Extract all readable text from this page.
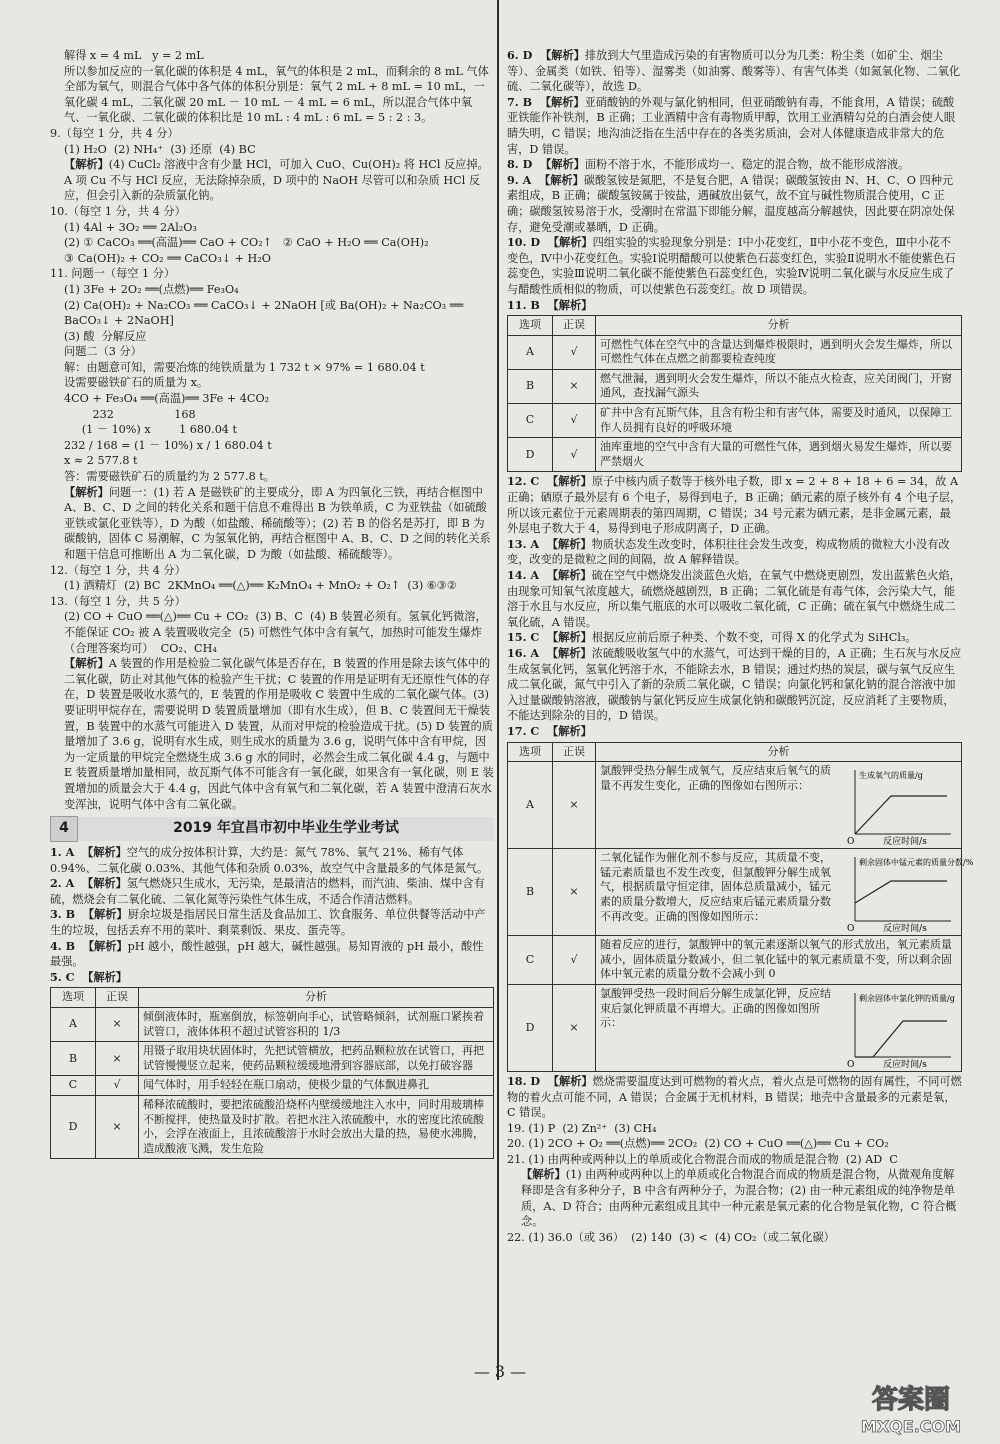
解得 x = 4 mL   y = 2 mL

所以参加反应的一氧化碳的体积是 4 mL，氧气的体积是 2 mL，而剩余的 8 mL 气体全部为氧气，则混合气体中各气体的体积分别是：氧气 2 mL + 8 mL = 10 mL，一氧化碳 4 mL，二氧化碳 20 mL － 10 mL － 4 mL = 6 mL，所以混合气体中氧气、一氧化碳、二氧化碳的体积比是 10 mL : 4 mL : 6 mL = 5 : 2 : 3。

9.（每空 1 分，共 4 分）

(1) H₂O  (2) NH₄⁺  (3) 还原  (4) BC

【解析】(4) CuCl₂ 溶液中含有少量 HCl，可加入 CuO、Cu(OH)₂ 将 HCl 反应掉。A 项 Cu 不与 HCl 反应，无法除掉杂质，D 项中的 NaOH 尽管可以和杂质 HCl 反应，但会引入新的杂质氯化钠。

10.（每空 1 分，共 4 分）

(1) 4Al + 3O₂ ══ 2Al₂O₃

(2) ① CaCO₃ ══(高温)══ CaO + CO₂↑   ② CaO + H₂O ══ Ca(OH)₂

③ Ca(OH)₂ + CO₂ ══ CaCO₃↓ + H₂O

11. 问题一（每空 1 分）

(1) 3Fe + 2O₂ ══(点燃)══ Fe₃O₄

(2) Ca(OH)₂ + Na₂CO₃ ══ CaCO₃↓ + 2NaOH [或 Ba(OH)₂ + Na₂CO₃ ══ BaCO₃↓ + 2NaOH]

(3) 酸  分解反应

问题二（3 分）

解：由题意可知，需要冶炼的纯铁质量为 1 732 t × 97% = 1 680.04 t

设需要磁铁矿石的质量为 x。

4CO + Fe₃O₄ ══(高温)══ 3Fe + 4CO₂

232                 168

(1 － 10%) x        1 680.04 t

232 / 168 = (1 － 10%) x / 1 680.04 t

x ≈ 2 577.8 t

答：需要磁铁矿石的质量约为 2 577.8 t。

【解析】问题一：(1) 若 A 是磁铁矿的主要成分，即 A 为四氧化三铁，再结合框图中 A、B、C、D 之间的转化关系和题干信息不难得出 B 为铁单质，C 为亚铁盐（如硫酸亚铁或氯化亚铁等），D 为酸（如盐酸、稀硫酸等）；(2) 若 B 的俗名是苏打，即 B 为碳酸钠，固体 C 易潮解，C 为氢氧化钠，再结合框图中 A、B、C、D 之间的转化关系和题干信息可推断出 A 为二氧化碳，D 为酸（如盐酸、稀硫酸等）。

12.（每空 1 分，共 4 分）

(1) 酒精灯  (2) BC  2KMnO₄ ══(△)══ K₂MnO₄ + MnO₂ + O₂↑  (3) ⑥③②

13.（每空 1 分，共 5 分）

(2) CO + CuO ══(△)══ Cu + CO₂  (3) B、C  (4) B 装置必须有。氢氧化钙微溶，不能保证 CO₂ 被 A 装置吸收完全  (5) 可燃性气体中含有氧气，加热时可能发生爆炸（合理答案均可）  CO₂、CH₄

【解析】A 装置的作用是检验二氧化碳气体是否存在，B 装置的作用是除去该气体中的二氧化碳，防止对其他气体的检验产生干扰；C 装置的作用是证明有无还原性气体的存在，D 装置是吸收水蒸气的，E 装置的作用是吸收 C 装置中生成的二氧化碳气体。(3) 要证明甲烷存在，需要说明 D 装置质量增加（即有水生成），但 B、C 装置间无干燥装置，B 装置中的水蒸气可能进入 D 装置，从而对甲烷的检验造成干扰。(5) D 装置的质量增加了 3.6 g，说明有水生成，则生成水的质量为 3.6 g，说明气体中含有甲烷，因为一定质量的甲烷完全燃烧生成 3.6 g 水的同时，必然会生成二氧化碳 4.4 g，与题中 E 装置质量增加量相同，故瓦斯气体不可能含有一氧化碳，如果含有一氧化碳，则 E 装置增加的质量会大于 4.4 g，因此气体中含有氧气和二氧化碳，若 A 装置中澄清石灰水变浑浊，说明气体中含有二氧化碳。

4	2019 年宜昌市初中毕业生学业考试

1. A  【解析】空气的成分按体积计算，大约是：氮气 78%、氧气 21%、稀有气体 0.94%、二氧化碳 0.03%、其他气体和杂质 0.03%，故空气中含量最多的气体是氮气。

2. A  【解析】氢气燃烧只生成水，无污染，是最清洁的燃料，而汽油、柴油、煤中含有硫，燃烧会有二氧化硫、二氧化氮等污染性气体生成，不适合作清洁燃料。

3. B  【解析】厨余垃圾是指居民日常生活及食品加工、饮食服务、单位供餐等活动中产生的垃圾，包括丢弃不用的菜叶、剩菜剩饭、果皮、蛋壳等。

4. B  【解析】pH 越小，酸性越强，pH 越大，碱性越强。易知胃液的 pH 最小，酸性最强。

5. C  【解析】

选项	正误	分析
A	×	倾倒液体时，瓶塞倒放，标签朝向手心，试管略倾斜，试剂瓶口紧挨着试管口，液体体积不超过试管容积的 1/3
B	×	用镊子取用块状固体时，先把试管横放，把药品颗粒放在试管口，再把试管慢慢竖立起来，使药品颗粒缓缓地滑到容器底部，以免打破容器
C	√	闻气体时，用手轻轻在瓶口扇动，使极少量的气体飘进鼻孔
D	×	稀释浓硫酸时，要把浓硫酸沿烧杯内壁缓缓地注入水中，同时用玻璃棒不断搅拌，使热量及时扩散。若把水注入浓硫酸中，水的密度比浓硫酸小，会浮在液面上，且浓硫酸溶于水时会放出大量的热，易使水沸腾，造成酸液飞溅，发生危险

6. D  【解析】排放到大气里造成污染的有害物质可以分为几类：粉尘类（如矿尘、烟尘等）、金属类（如铁、铅等）、湿雾类（如油雾、酸雾等）、有害气体类（如氮氧化物、二氧化硫、二氧化碳等），故选 D。

7. B  【解析】亚硝酸钠的外观与氯化钠相同，但亚硝酸钠有毒，不能食用，A 错误；硫酸亚铁能作补铁剂，B 正确；工业酒精中含有毒物质甲醇，饮用工业酒精勾兑的白酒会使人眼睛失明，C 错误；地沟油泛指在生活中存在的各类劣质油，会对人体健康造成非常大的危害，D 错误。

8. D  【解析】面粉不溶于水，不能形成均一、稳定的混合物，故不能形成溶液。

9. A  【解析】碳酸氢铵是氮肥，不是复合肥，A 错误；碳酸氢铵由 N、H、C、O 四种元素组成，B 正确；碳酸氢铵属于铵盐，遇碱放出氨气，故不宜与碱性物质混合使用，C 正确；碳酸氢铵易溶于水，受潮时在常温下即能分解，温度越高分解越快，因此要在阴凉处保存，避免受潮或暴晒，D 正确。

10. D  【解析】四组实验的实验现象分别是：Ⅰ中小花变红，Ⅱ中小花不变色，Ⅲ中小花不变色，Ⅳ中小花变红色。实验Ⅰ说明醋酸可以使紫色石蕊变红色，实验Ⅱ说明水不能使紫色石蕊变色，实验Ⅲ说明二氧化碳不能使紫色石蕊变红色，实验Ⅳ说明二氧化碳与水反应生成了与醋酸性质相似的物质，可以使紫色石蕊变红。故 D 项错误。

11. B  【解析】

选项	正误	分析
A	√	可燃性气体在空气中的含量达到爆炸极限时，遇到明火会发生爆炸，所以可燃性气体在点燃之前都要检查纯度
B	×	燃气泄漏，遇到明火会发生爆炸，所以不能点火检查，应关闭阀门，开窗通风，查找漏气源头
C	√	矿井中含有瓦斯气体，且含有粉尘和有害气体，需要及时通风，以保障工作人员拥有良好的呼吸环境
D	√	油库重地的空气中含有大量的可燃性气体，遇到烟火易发生爆炸，所以要严禁烟火

12. C  【解析】原子中核内质子数等于核外电子数，即 x = 2 + 8 + 18 + 6 = 34，故 A 正确；硒原子最外层有 6 个电子，易得到电子，B 正确；硒元素的原子核外有 4 个电子层，所以该元素位于元素周期表的第四周期，C 错误；34 号元素为硒元素，是非金属元素，最外层电子数大于 4，易得到电子形成阴离子，D 正确。

13. A  【解析】物质状态发生改变时，体积往往会发生改变，构成物质的微粒大小没有改变，改变的是微粒之间的间隔，故 A 解释错误。

14. A  【解析】硫在空气中燃烧发出淡蓝色火焰，在氧气中燃烧更剧烈，发出蓝紫色火焰，由现象可知氧气浓度越大，硫燃烧越剧烈，B 正确；二氧化硫是有毒气体，会污染大气，能溶于水且与水反应，所以集气瓶底的水可以吸收二氧化硫，C 正确；硫在氧气中燃烧生成二氧化硫，A 错误。

15. C  【解析】根据反应前后原子种类、个数不变，可得 X 的化学式为 SiHCl₃。

16. A  【解析】浓硫酸吸收氢气中的水蒸气，可达到干燥的目的，A 正确；生石灰与水反应生成氢氧化钙，氢氧化钙溶于水，不能除去水，B 错误；通过灼热的炭层，碳与氧气反应生成二氧化碳，氮气中引入了新的杂质二氧化碳，C 错误；向氯化钙和氯化钠的混合溶液中加入过量碳酸钠溶液，碳酸钠与氯化钙反应生成氯化钠和碳酸钙沉淀，反应消耗了主要物质，不能达到除杂的目的，D 错误。

17. C  【解析】

选项	正误	分析
A	×	氯酸钾受热分解生成氧气，反应结束后氧气的质量不再发生变化，正确的图像如右图所示：
O 反应时间/s
生成氧气的质量/g

B	×	二氧化锰作为催化剂不参与反应，其质量不变，锰元素质量也不发生改变，但氯酸钾分解生成氧气，根据质量守恒定律，固体总质量减小，锰元素的质量分数增大，反应结束后锰元素质量分数不再改变。正确的图像如图所示：
O 反应时间/s
剩余固体中锰元素的质量分数/%

C	√	随着反应的进行，氯酸钾中的氧元素逐渐以氧气的形式放出，氧元素质量减小，固体质量分数减小，但二氧化锰中的氧元素质量不变，所以剩余固体中氧元素的质量分数不会减小到 0
D	×	氯酸钾受热一段时间后分解生成氯化钾，反应结束后氯化钾质量不再增大。正确的图像如图所示：
O 反应时间/s
剩余固体中氯化钾的质量/g

18. D  【解析】燃烧需要温度达到可燃物的着火点，着火点是可燃物的固有属性，不同可燃物的着火点可能不同，A 错误；合金属于无机材料，B 错误；地壳中含量最多的元素是氧，C 错误。

19. (1) P  (2) Zn²⁺  (3) CH₄

20. (1) 2CO + O₂ ══(点燃)══ 2CO₂  (2) CO + CuO ══(△)══ Cu + CO₂

21. (1) 由两种或两种以上的单质或化合物混合而成的物质是混合物  (2) AD  C

【解析】(1) 由两种或两种以上的单质或化合物混合而成的物质是混合物，从微观角度解释即是含有多种分子，B 中含有两种分子，为混合物；(2) 由一种元素组成的纯净物是单质，A、D 符合；由两种元素组成且其中一种元素是氧元素的化合物是氧化物，C 符合概念。

22. (1) 36.0（或 36）  (2) 140  (3) <  (4) CO₂（或二氧化碳）

— 3 —
答案圈
MXQE.COM
